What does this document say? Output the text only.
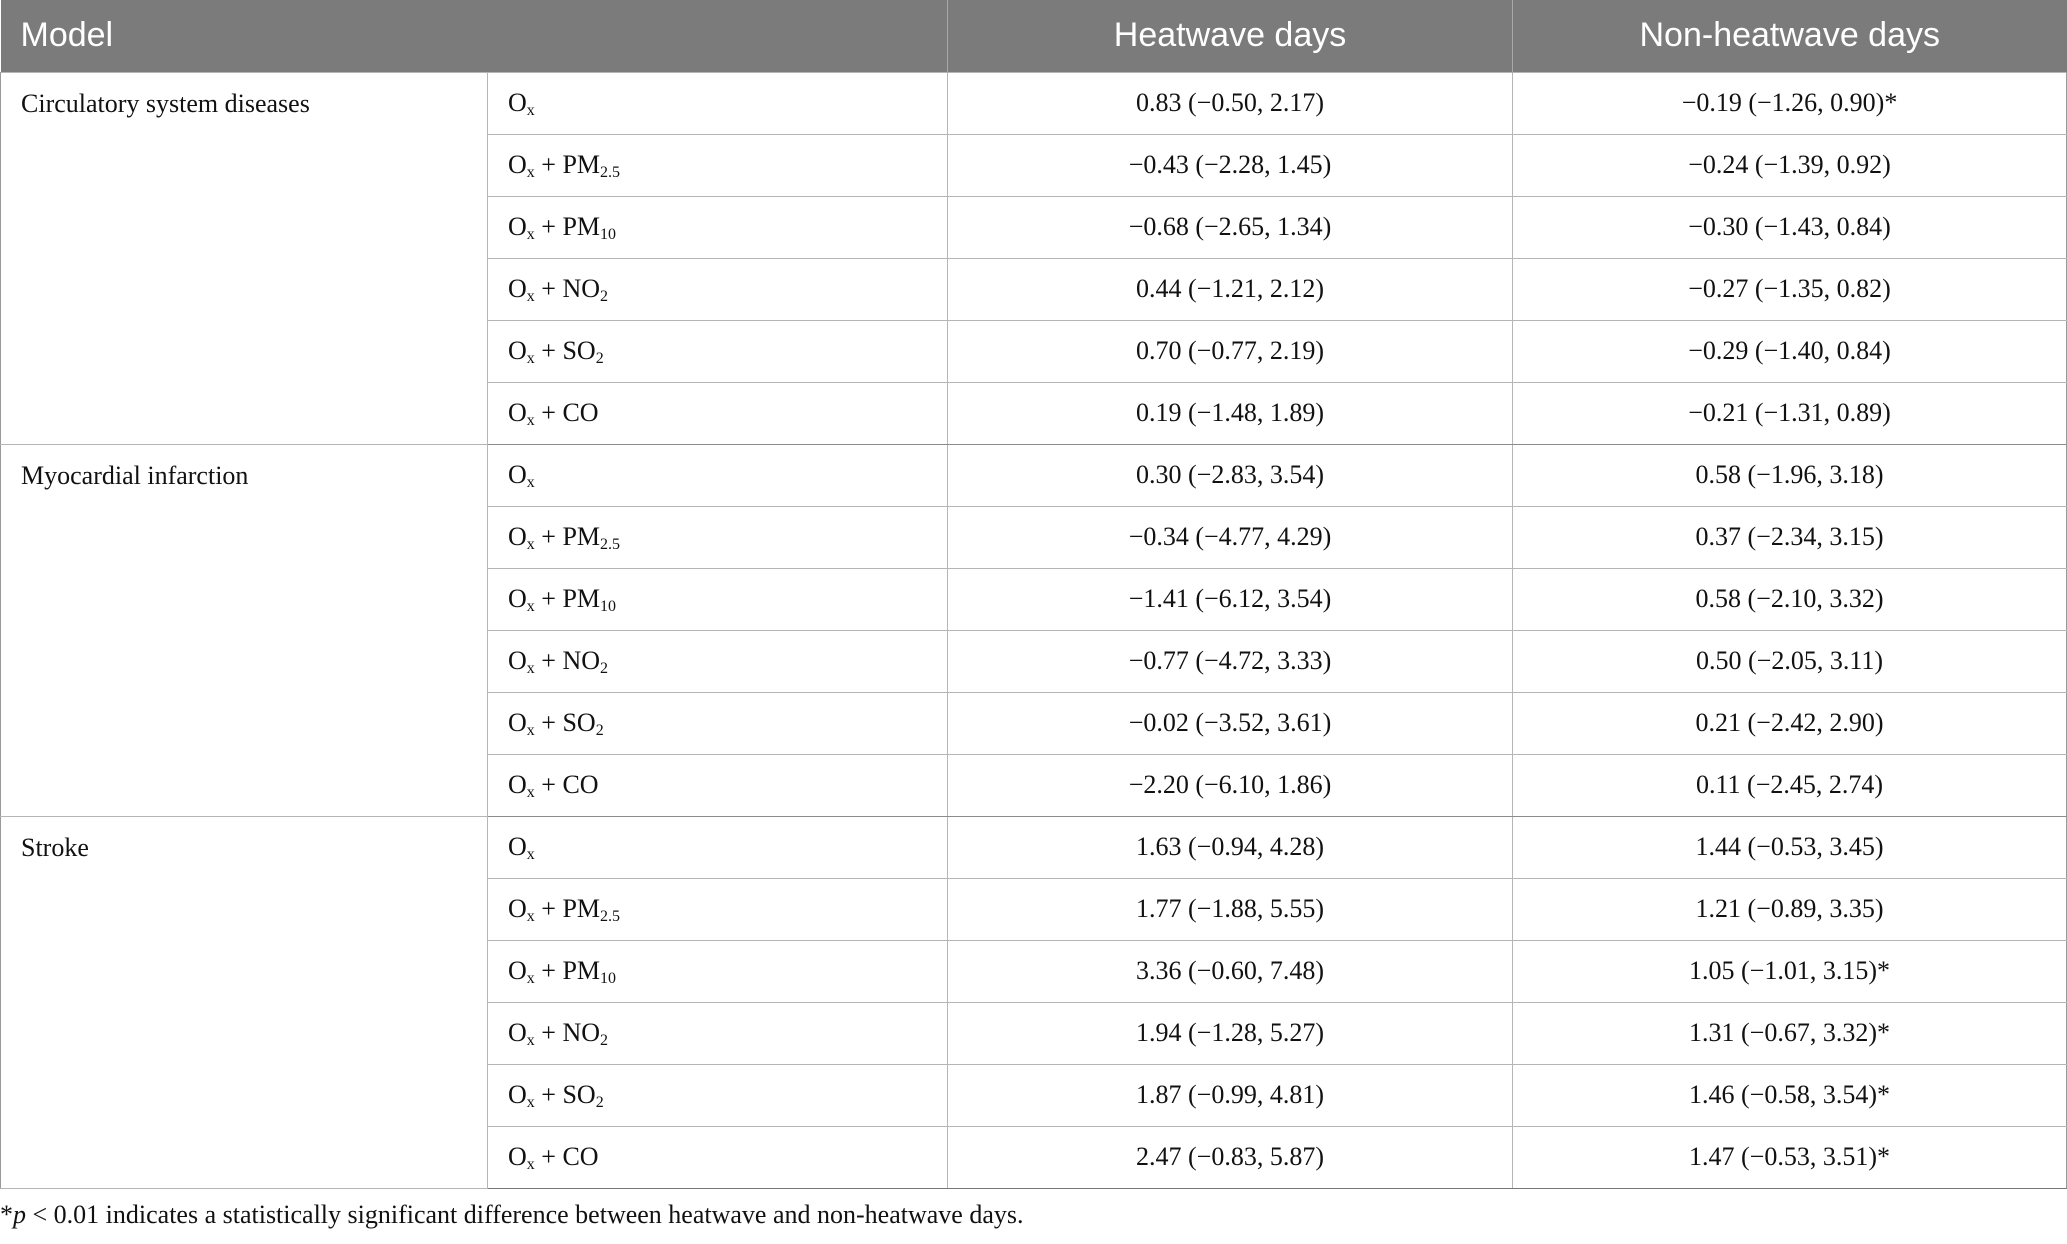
Model		Heatwave days	Non-heatwave days
Circulatory system diseases	$O_x$	0.83 (−0.50, 2.17)	−0.19 (−1.26, 0.90)*
	$O_x + PM_{2.5}$	−0.43 (−2.28, 1.45)	−0.24 (−1.39, 0.92)
	$O_x + PM_{10}$	−0.68 (−2.65, 1.34)	−0.30 (−1.43, 0.84)
	$O_x + NO_2$	0.44 (−1.21, 2.12)	−0.27 (−1.35, 0.82)
	$O_x + SO_2$	0.70 (−0.77, 2.19)	−0.29 (−1.40, 0.84)
	$O_x$ + CO	0.19 (−1.48, 1.89)	−0.21 (−1.31, 0.89)
Myocardial infarction	$O_x$	0.30 (−2.83, 3.54)	0.58 (−1.96, 3.18)
	$O_x + PM_{2.5}$	−0.34 (−4.77, 4.29)	0.37 (−2.34, 3.15)
	$O_x + PM_{10}$	−1.41 (−6.12, 3.54)	0.58 (−2.10, 3.32)
	$O_x + NO_2$	−0.77 (−4.72, 3.33)	0.50 (−2.05, 3.11)
	$O_x + SO_2$	−0.02 (−3.52, 3.61)	0.21 (−2.42, 2.90)
	$O_x$ + CO	−2.20 (−6.10, 1.86)	0.11 (−2.45, 2.74)
Stroke	$O_x$	1.63 (−0.94, 4.28)	1.44 (−0.53, 3.45)
	$O_x + PM_{2.5}$	1.77 (−1.88, 5.55)	1.21 (−0.89, 3.35)
	$O_x + PM_{10}$	3.36 (−0.60, 7.48)	1.05 (−1.01, 3.15)*
	$O_x + NO_2$	1.94 (−1.28, 5.27)	1.31 (−0.67, 3.32)*
	$O_x + SO_2$	1.87 (−0.99, 4.81)	1.46 (−0.58, 3.54)*
	$O_x$ + CO	2.47 (−0.83, 5.87)	1.47 (−0.53, 3.51)*
*p < 0.01 indicates a statistically significant difference between heatwave and non-heatwave days.
